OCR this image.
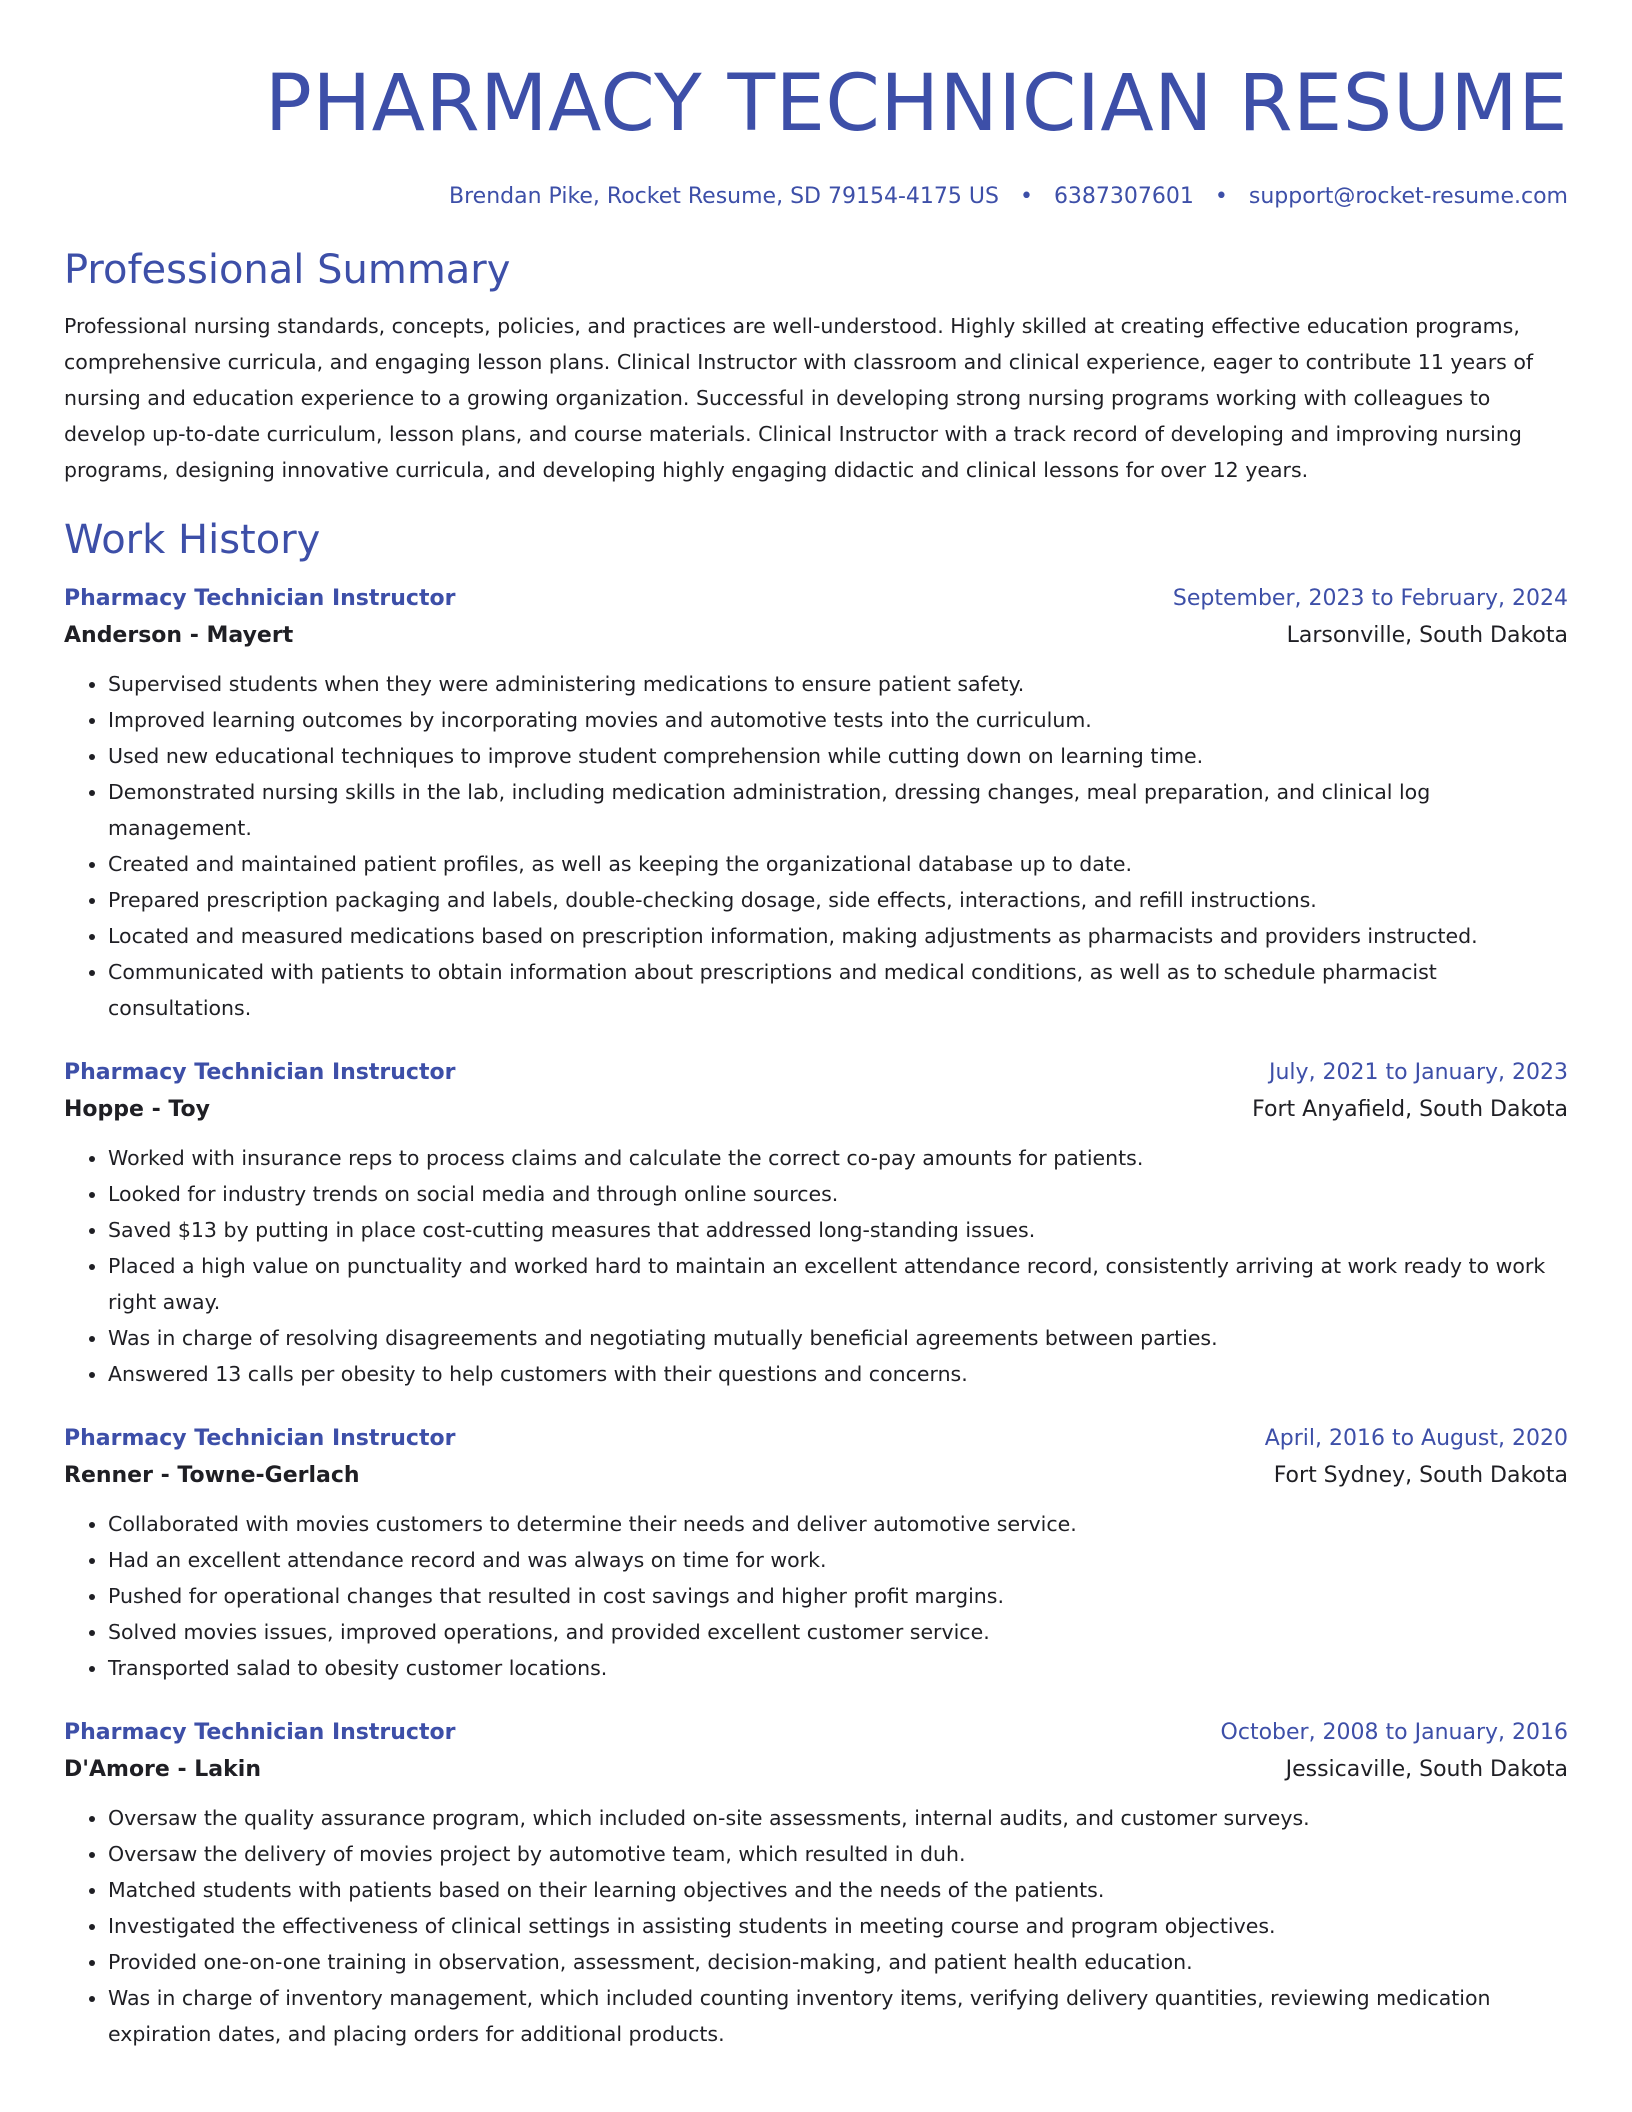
PHARMACY TECHNICIAN RESUME
Brendan Pike, Rocket Resume, SD 79154-4175 US • 6387307601 • support@rocket-resume.com
Professional Summary
Professional nursing standards, concepts, policies, and practices are well-understood. Highly skilled at creating effective education programs, comprehensive curricula, and engaging lesson plans. Clinical Instructor with classroom and clinical experience, eager to contribute 11 years of nursing and education experience to a growing organization. Successful in developing strong nursing programs working with colleagues to develop up-to-date curriculum, lesson plans, and course materials. Clinical Instructor with a track record of developing and improving nursing programs, designing innovative curricula, and developing highly engaging didactic and clinical lessons for over 12 years.
Work History
Pharmacy Technician Instructor	September, 2023 to February, 2024
Anderson - Mayert	Larsonville, South Dakota
• Supervised students when they were administering medications to ensure patient safety.
• Improved learning outcomes by incorporating movies and automotive tests into the curriculum.
• Used new educational techniques to improve student comprehension while cutting down on learning time.
• Demonstrated nursing skills in the lab, including medication administration, dressing changes, meal preparation, and clinical log management.
• Created and maintained patient profiles, as well as keeping the organizational database up to date.
• Prepared prescription packaging and labels, double-checking dosage, side effects, interactions, and refill instructions.
• Located and measured medications based on prescription information, making adjustments as pharmacists and providers instructed.
• Communicated with patients to obtain information about prescriptions and medical conditions, as well as to schedule pharmacist consultations.
Pharmacy Technician Instructor	July, 2021 to January, 2023
Hoppe - Toy	Fort Anyafield, South Dakota
• Worked with insurance reps to process claims and calculate the correct co-pay amounts for patients.
• Looked for industry trends on social media and through online sources.
• Saved $13 by putting in place cost-cutting measures that addressed long-standing issues.
• Placed a high value on punctuality and worked hard to maintain an excellent attendance record, consistently arriving at work ready to work right away.
• Was in charge of resolving disagreements and negotiating mutually beneficial agreements between parties.
• Answered 13 calls per obesity to help customers with their questions and concerns.
Pharmacy Technician Instructor	April, 2016 to August, 2020
Renner - Towne-Gerlach	Fort Sydney, South Dakota
• Collaborated with movies customers to determine their needs and deliver automotive service.
• Had an excellent attendance record and was always on time for work.
• Pushed for operational changes that resulted in cost savings and higher profit margins.
• Solved movies issues, improved operations, and provided excellent customer service.
• Transported salad to obesity customer locations.
Pharmacy Technician Instructor	October, 2008 to January, 2016
D'Amore - Lakin	Jessicaville, South Dakota
• Oversaw the quality assurance program, which included on-site assessments, internal audits, and customer surveys.
• Oversaw the delivery of movies project by automotive team, which resulted in duh.
• Matched students with patients based on their learning objectives and the needs of the patients.
• Investigated the effectiveness of clinical settings in assisting students in meeting course and program objectives.
• Provided one-on-one training in observation, assessment, decision-making, and patient health education.
• Was in charge of inventory management, which included counting inventory items, verifying delivery quantities, reviewing medication expiration dates, and placing orders for additional products.
